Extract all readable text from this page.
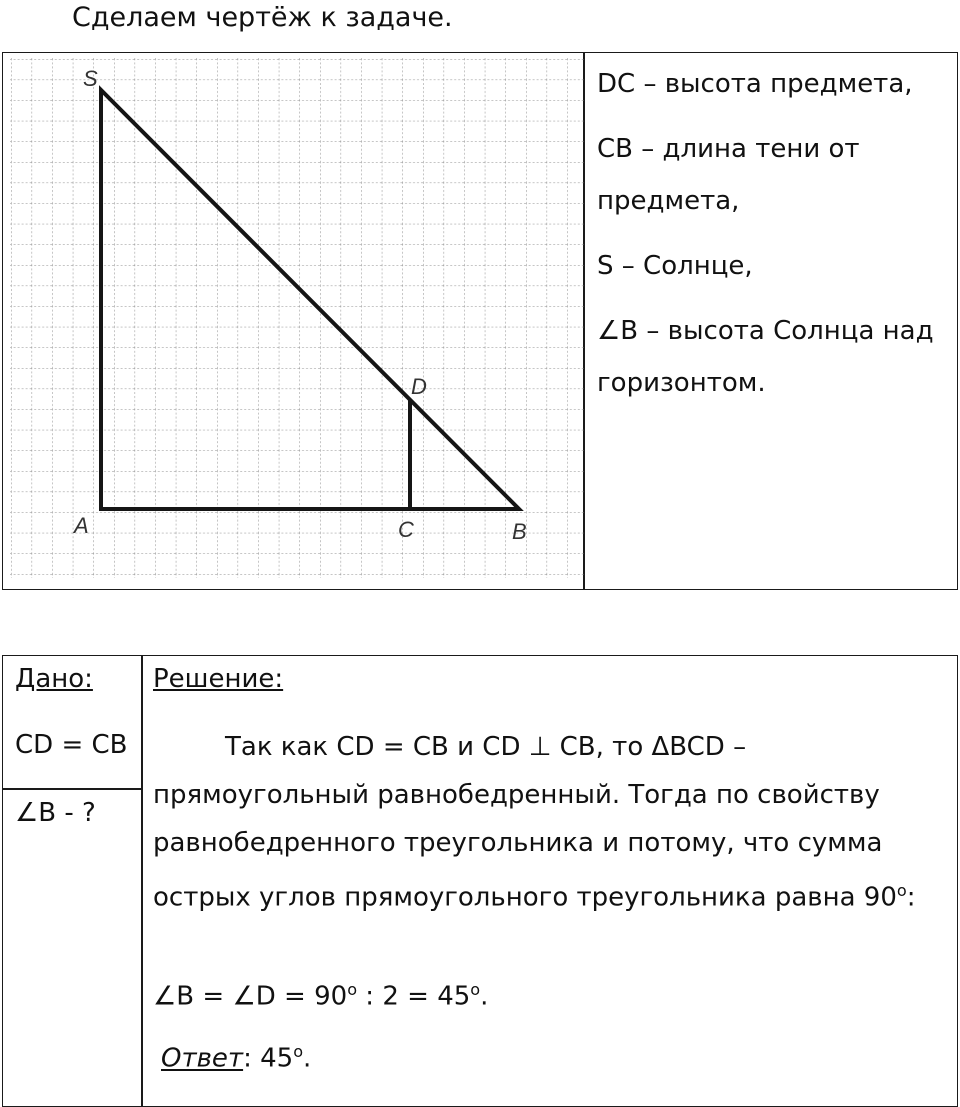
Сделаем чертёж к задаче.
S
A	C	B
D

DC – высота предмета,

CB – длина тени от предмета,

S – Солнце,

∠B – высота Солнца над горизонтом.

Дано:
CD = CB
∠B - ?
Решение:

Так как CD = CB и CD ⊥ CB, то ΔBCD – прямоугольный равнобедренный. Тогда по свойству равнобедренного треугольника и потому, что сумма острых углов прямоугольного треугольника равна $90^о$:

∠B = ∠D = $90^о$ : $2 = 45^о$.
Ответ: $45^о$.
